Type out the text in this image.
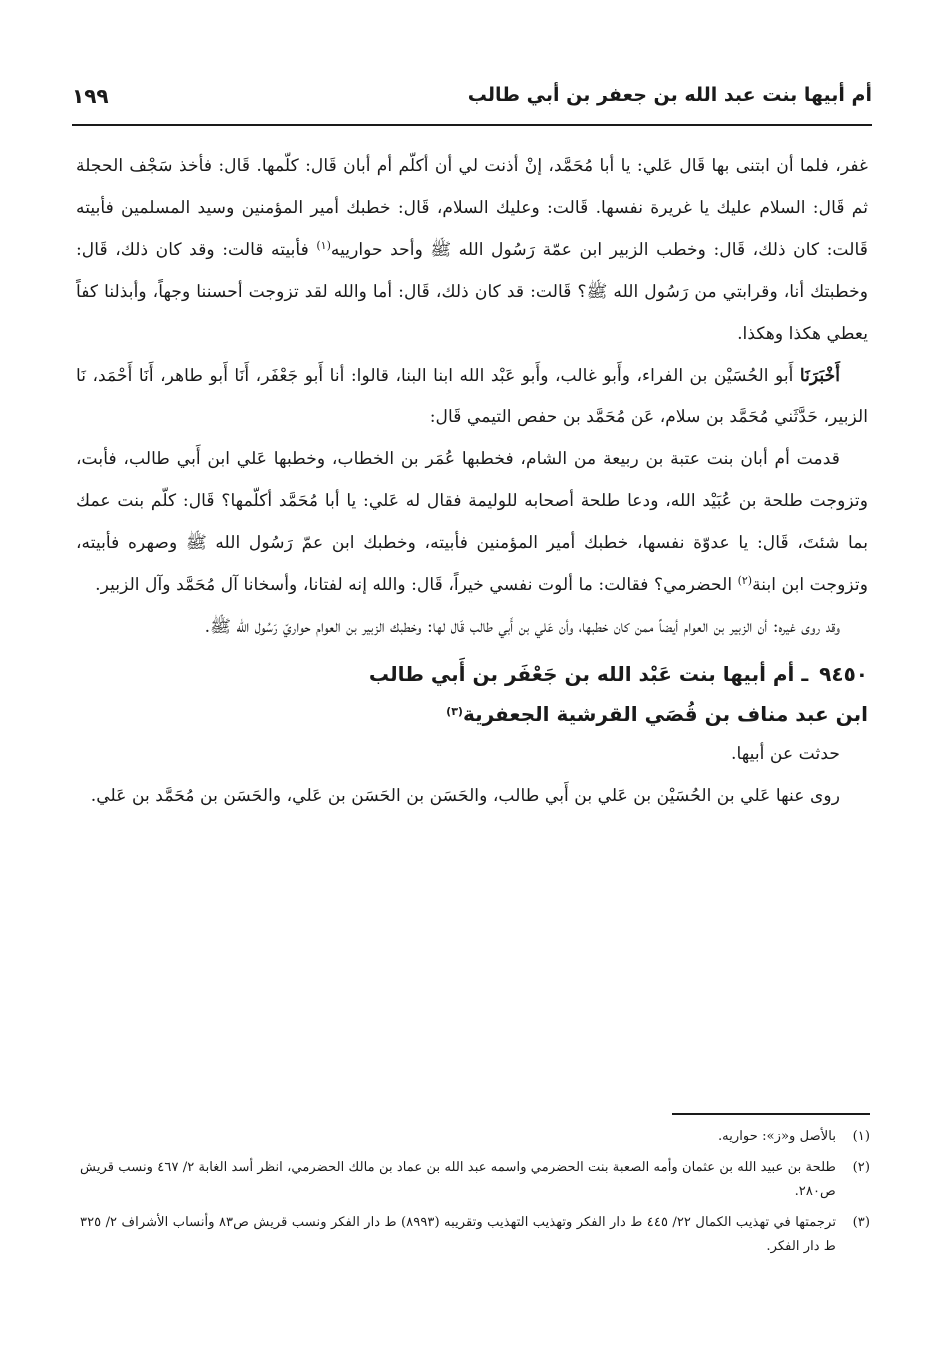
أم أبيها بنت عبد الله بن جعفر بن أبي طالب
١٩٩

غفر، فلما أن ابتنى بها قَال عَلي: يا أبا مُحَمَّد، إنْ أذنت لي أن أكلّم أم أبان قَال: كلّمها. قَال: فأخذ سَجْف الحجلة ثم قَال: السلام عليك يا غريرة نفسها. قَالت: وعليك السلام، قَال: خطبك أمير المؤمنين وسيد المسلمين فأبيته قَالت: كان ذلك، قَال: وخطب الزبير ابن عمّة رَسُول الله ﷺ وأحد حوارييه$^{(١)}$ فأبيته قالت: وقد كان ذلك، قَال: وخطبتك أنا، وقرابتي من رَسُول الله ﷺ؟ قَالت: قد كان ذلك، قَال: أما والله لقد تزوجت أحسننا وجهاً، وأبذلنا كفاً يعطي هكذا وهكذا.

أَخْبَرَنَا أَبو الحُسَيْن بن الفراء، وأَبو غالب، وأَبو عَبْد الله ابنا البنا، قالوا: أنا أَبو جَعْفَر، أَنَا أَبو طاهر، أَنَا أَحْمَد، نَا الزبير، حَدَّثَني مُحَمَّد بن سلام، عَن مُحَمَّد بن حفص التيمي قَال:

قدمت أم أبان بنت عتبة بن ربيعة من الشام، فخطبها عُمَر بن الخطاب، وخطبها عَلي ابن أَبي طالب، فأبت، وتزوجت طلحة بن عُبَيْد الله، ودعا طلحة أصحابه للوليمة فقال له عَلي: يا أبا مُحَمَّد أكلّمها؟ قَال: كلّم بنت عمك بما شئتَ، قَال: يا عدوّة نفسها، خطبك أمير المؤمنين فأبيته، وخطبك ابن عمّ رَسُول الله ﷺ وصهره فأبيته، وتزوجت ابن ابنة$^{(٢)}$ الحضرمي؟ فقالت: ما ألوت نفسي خيراً، قَال: والله إنه لفتانا، وأسخانا آل مُحَمَّد وآل الزبير.

وقد روى غيره: أن الزبير بن العوام أيضاً ممن كان خطبها، وأن عَلي بن أَبي طالب قَال لها: وخطبك الزبير بن العوام حواريّ رَسُول الله ﷺ.

٩٤٥٠ ـ أم أبيها بنت عَبْد الله بن جَعْفَر بن أَبي طالب
ابن عبد مناف بن قُصَي القرشية الجعفرية$^{(٣)}$

حدثت عن أبيها.

روى عنها عَلي بن الحُسَيْن بن عَلي بن أَبي طالب، والحَسَن بن الحَسَن بن عَلي، والحَسَن بن مُحَمَّد بن عَلي.

(١)
بالأصل و«ز»: حواريه.
(٢)
طلحة بن عبيد الله بن عثمان وأمه الصعبة بنت الحضرمي واسمه عبد الله بن عماد بن مالك الحضرمي، انظر أسد الغابة ٢/ ٤٦٧ ونسب قريش ص٢٨٠.
(٣)
ترجمتها في تهذيب الكمال ٢٢/ ٤٤٥ ط دار الفكر وتهذيب التهذيب وتقريبه (٨٩٩٣) ط دار الفكر ونسب قريش ص٨٣ وأنساب الأشراف ٢/ ٣٢٥ ط دار الفكر.
